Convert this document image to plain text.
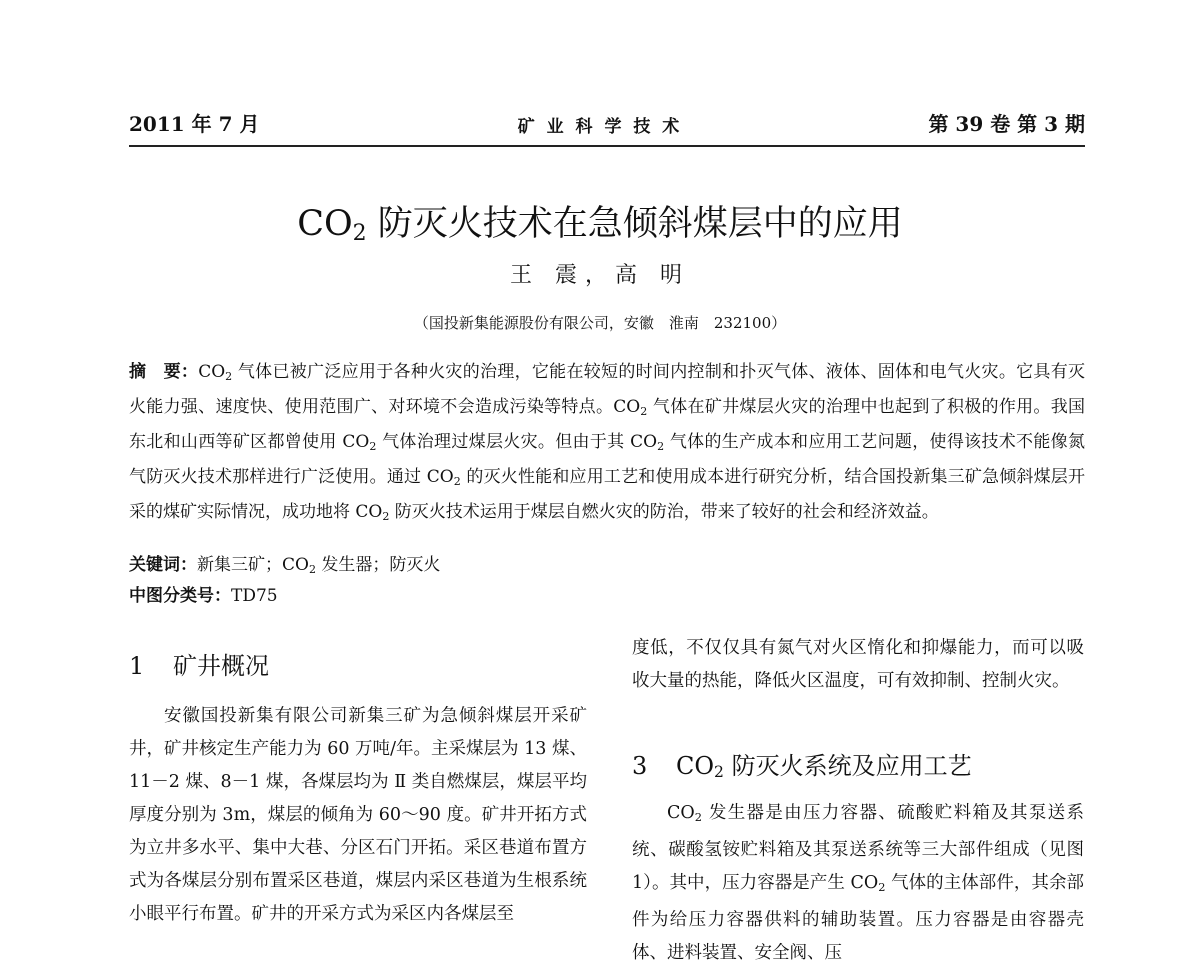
2011 年 7 月	矿 业 科 学 技 术	第 39 卷 第 3 期
$CO_2$ 防灭火技术在急倾斜煤层中的应用
王 震，高 明
（国投新集能源股份有限公司，安徽　淮南　232100）
摘　要：$CO_2$ 气体已被广泛应用于各种火灾的治理，它能在较短的时间内控制和扑灭气体、液体、固体和电气火灾。它具有灭火能力强、速度快、使用范围广、对环境不会造成污染等特点。$CO_2$ 气体在矿井煤层火灾的治理中也起到了积极的作用。我国东北和山西等矿区都曾使用 $CO_2$ 气体治理过煤层火灾。但由于其 $CO_2$ 气体的生产成本和应用工艺问题，使得该技术不能像氮气防灭火技术那样进行广泛使用。通过 $CO_2$ 的灭火性能和应用工艺和使用成本进行研究分析，结合国投新集三矿急倾斜煤层开采的煤矿实际情况，成功地将 $CO_2$ 防灭火技术运用于煤层自燃火灾的防治，带来了较好的社会和经济效益。
关键词：新集三矿；$CO_2$ 发生器；防灭火
中图分类号：TD75
1 矿井概况

安徽国投新集有限公司新集三矿为急倾斜煤层开采矿井，矿井核定生产能力为 60 万吨/年。主采煤层为 13 煤、11－2 煤、8－1 煤，各煤层均为 Ⅱ 类自燃煤层，煤层平均厚度分别为 3m，煤层的倾角为 60～90 度。矿井开拓方式为立井多水平、集中大巷、分区石门开拓。采区巷道布置方式为各煤层分别布置采区巷道，煤层内采区巷道为生根系统小眼平行布置。矿井的开采方式为采区内各煤层至

度低，不仅仅具有氮气对火区惰化和抑爆能力，而可以吸收大量的热能，降低火区温度，可有效抑制、控制火灾。

3 $CO_2$ 防灭火系统及应用工艺

$CO_2$ 发生器是由压力容器、硫酸贮料箱及其泵送系统、碳酸氢铵贮料箱及其泵送系统等三大部件组成（见图 1）。其中，压力容器是产生 $CO_2$ 气体的主体部件，其余部件为给压力容器供料的辅助装置。压力容器是由容器壳体、进料装置、安全阀、压
